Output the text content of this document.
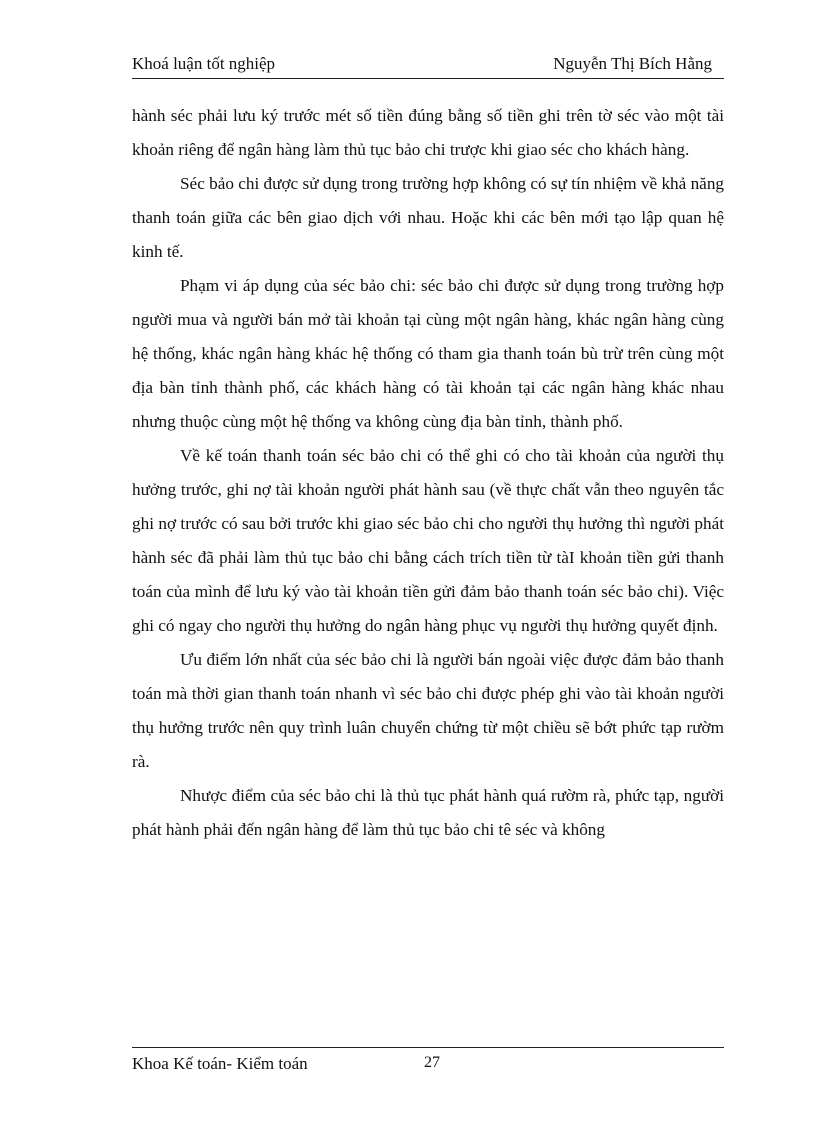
Khoá luận tốt nghiệp	Nguyễn Thị Bích Hằng

hành séc phải lưu ký trước mét số tiền đúng bằng số tiền ghi trên tờ séc vào một tài khoản riêng để ngân hàng làm thủ tục bảo chi trược khi giao séc cho khách hàng.

Séc bảo chi được sử dụng trong trường hợp không có sự tín nhiệm về khả năng thanh toán giữa các bên giao dịch với nhau. Hoặc khi các bên mới tạo lập quan hệ kinh tế.

Phạm vi áp dụng của séc bảo chi: séc bảo chi được sử dụng trong trường hợp người mua và người bán mở tài khoản tại cùng một ngân hàng, khác ngân hàng cùng hệ thống, khác ngân hàng khác hệ thống có tham gia thanh toán bù trừ trên cùng một địa bàn tỉnh thành phố, các khách hàng có tài khoản tại các ngân hàng khác nhau nhưng thuộc cùng một hệ thống va không cùng địa bàn tỉnh, thành phố.

Về kế toán thanh toán séc bảo chi có thể ghi có cho tài khoản của người thụ hưởng trước, ghi nợ tài khoản người phát hành sau (về thực chất vẫn theo nguyên tắc ghi nợ trước có sau bởi trước khi giao séc bảo chi cho người thụ hưởng thì người phát hành séc đã phải làm thủ tục bảo chi bằng cách trích tiền từ tàI khoản tiền gửi thanh toán của mình để lưu ký vào tài khoản tiền gửi đảm bảo thanh toán séc bảo chi). Việc ghi có ngay cho người thụ hưởng do ngân hàng phục vụ người thụ hưởng quyết định.

Ưu điểm lớn nhất của séc bảo chi là người bán ngoài việc được đảm bảo thanh toán mà thời gian thanh toán nhanh vì séc bảo chi được phép ghi vào tài khoản người thụ hưởng trước nên quy trình luân chuyển chứng từ một chiều sẽ bớt phức tạp rườm rà.

Nhược điểm của séc bảo chi là thủ tục phát hành quá rườm rà, phức tạp, người phát hành phải đến ngân hàng để làm thủ tục bảo chi tê séc và không

Khoa Kế toán- Kiểm toán	27
